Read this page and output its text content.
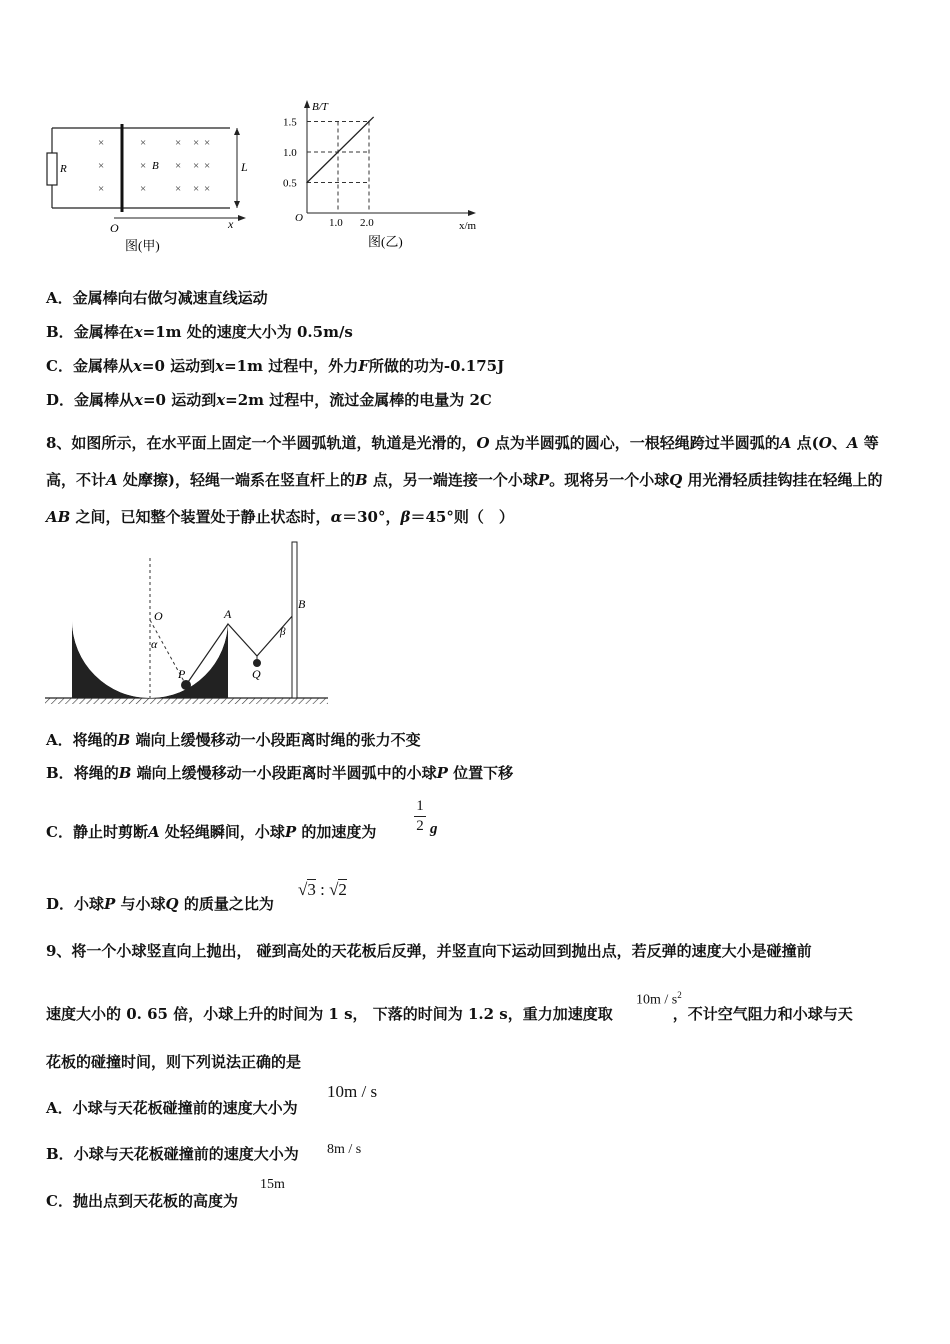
R
×
×
×
×
×
×
×
×
×
×
×
×
×
×
×
B	L
O	x
图(甲)
B/T
x/m
O
1.5
1.0
0.5
1.0 2.0
图(乙)
A．金属棒向右做匀减速直线运动
B．金属棒在x=1m 处的速度大小为 0.5m/s
C．金属棒从x=0 运动到x=1m 过程中，外力F所做的功为-0.175J
D．金属棒从x=0 运动到x=2m 过程中，流过金属棒的电量为 2C
8、如图所示，在水平面上固定一个半圆弧轨道，轨道是光滑的，O 点为半圆弧的圆心，一根轻绳跨过半圆弧的A 点(O、A 等高，不计A 处摩擦)，轻绳一端系在竖直杆上的B 点，另一端连接一个小球P。现将另一个小球Q 用光滑轻质挂钩挂在轻绳上的AB 之间，已知整个装置处于静止状态时，α＝30°，β＝45°则（　）
O
α
A
P	Q
B
β
A．将绳的B 端向上缓慢移动一小段距离时绳的张力不变
B．将绳的B 端向上缓慢移动一小段距离时半圆弧中的小球P 位置下移
C．静止时剪断A 处轻绳瞬间，小球P 的加速度为
1
2 g
D．小球P 与小球Q 的质量之比为
√3 : √2
9、将一个小球竖直向上抛出， 碰到高处的天花板后反弹，并竖直向下运动回到抛出点，若反弹的速度大小是碰撞前
速度大小的 0. 65 倍，小球上升的时间为 1 s， 下落的时间为 1.2 s，重力加速度取	，不计空气阻力和小球与天
$10m / s^2$
花板的碰撞时间，则下列说法正确的是
A．小球与天花板碰撞前的速度大小为
10m / s
B．小球与天花板碰撞前的速度大小为 8m / s
C．抛出点到天花板的高度为
15m
